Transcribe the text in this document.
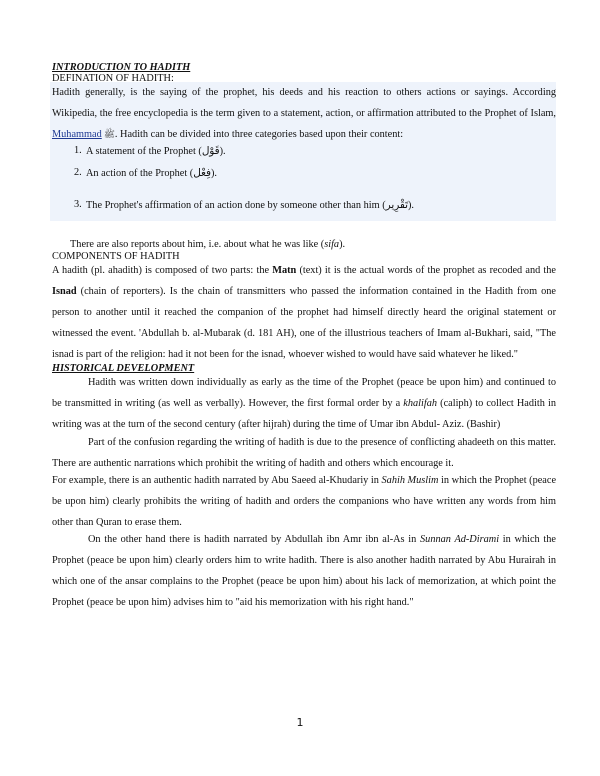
INTRODUCTION TO HADITH
DEFINATION OF HADITH:

Hadith generally, is the saying of the prophet, his deeds and his reaction to others actions or sayings. According Wikipedia, the free encyclopedia is the term given to a statement, action, or affirmation attributed to the Prophet of Islam, Muhammad ﷺ. Hadith can be divided into three categories based upon their content:

1. A statement of the Prophet (قَوْل).
2. An action of the Prophet (فِعْل).
3. The Prophet's affirmation of an action done by someone other than him (تَقْرِير).

There are also reports about him, i.e. about what he was like (sifa).

COMPONENTS OF HADITH

A hadith (pl. ahadith) is composed of two parts: the Matn (text) it is the actual words of the prophet as recoded and the Isnad (chain of reporters). Is the chain of transmitters who passed the information contained in the Hadith from one person to another until it reached the companion of the prophet had himself directly heard the original statement or witnessed the event. 'Abdullah b. al-Mubarak (d. 181 AH), one of the illustrious teachers of Imam al-Bukhari, said, "The isnad is part of the religion: had it not been for the isnad, whoever wished to would have said whatever he liked."

HISTORICAL DEVELOPMENT

Hadith was written down individually as early as the time of the Prophet (peace be upon him) and continued to be transmitted in writing (as well as verbally). However, the first formal order by a khalifah (caliph) to collect Hadith in writing was at the turn of the second century (after hijrah) during the time of Umar ibn Abdul- Aziz. (Bashir)

Part of the confusion regarding the writing of hadith is due to the presence of conflicting ahadeeth on this matter. There are authentic narrations which prohibit the writing of hadith and others which encourage it.

For example, there is an authentic hadith narrated by Abu Saeed al-Khudariy in Sahih Muslim in which the Prophet (peace be upon him) clearly prohibits the writing of hadith and orders the companions who have written any words from him other than Quran to erase them.

On the other hand there is hadith narrated by Abdullah ibn Amr ibn al-As in Sunnan Ad-Dirami in which the Prophet (peace be upon him) clearly orders him to write hadith. There is also another hadith narrated by Abu Hurairah in which one of the ansar complains to the Prophet (peace be upon him) about his lack of memorization, at which point the Prophet (peace be upon him) advises him to "aid his memorization with his right hand."

1
